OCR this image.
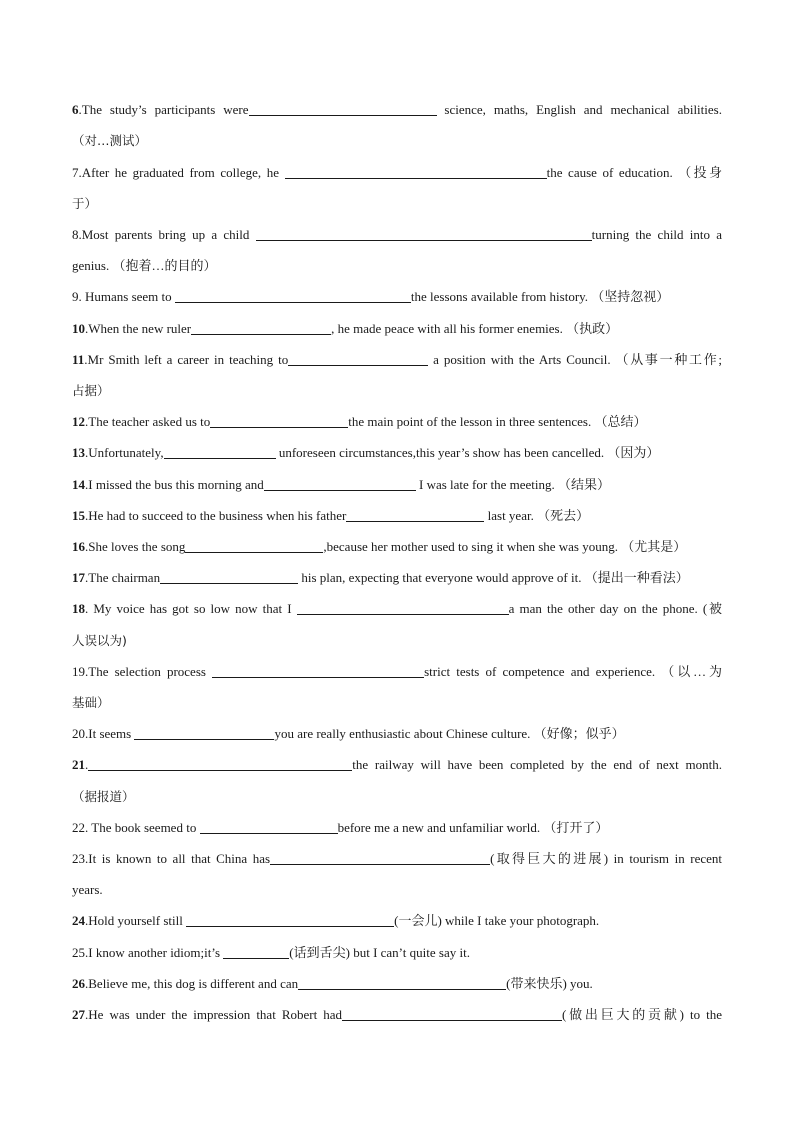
6.The study’s participants were	science, maths, English and mechanical abilities.
（对…测试）
7.After he graduated from college, he	the cause of education. （投身
于）
8.Most parents bring up a child	turning the child into a
genius. （抱着…的目的）
9. Humans seem to	the lessons available from history. （坚持忽视）
10.When the new ruler	, he made peace with all his former enemies. （执政）
11.Mr Smith left a career in teaching to	a position with the Arts Council. （从事一种工作;
占据）
12.The teacher asked us to	the main point of the lesson in three sentences. （总结）
13.Unfortunately,	unforeseen circumstances,this year’s show has been cancelled. （因为）
14.I missed the bus this morning and	I was late for the meeting. （结果）
15.He had to succeed to the business when his father	last year. （死去）
16.She loves the song	,because her mother used to sing it when she was young. （尤其是）
17.The chairman	his plan, expecting that everyone would approve of it. （提出一种看法）
18. My voice has got so low now that I	a man the other day on the phone. (被
人误以为)
19.The selection process	strict tests of competence and experience. （以…为
基础）
20.It seems	you are really enthusiastic about Chinese culture. （好像；似乎）
21.	the railway will have been completed by the end of next month.
（据报道）
22. The book seemed to	before me a new and unfamiliar world. （打开了）
23.It is known to all that China has	(取得巨大的进展) in tourism in recent
years.
24.Hold yourself still	(一会儿) while I take your photograph.
25.I know another idiom;it’s	(话到舌尖) but I can’t quite say it.
26.Believe me, this dog is different and can	(带来快乐) you.
27.He was under the impression that Robert had	(做出巨大的贡献) to the
